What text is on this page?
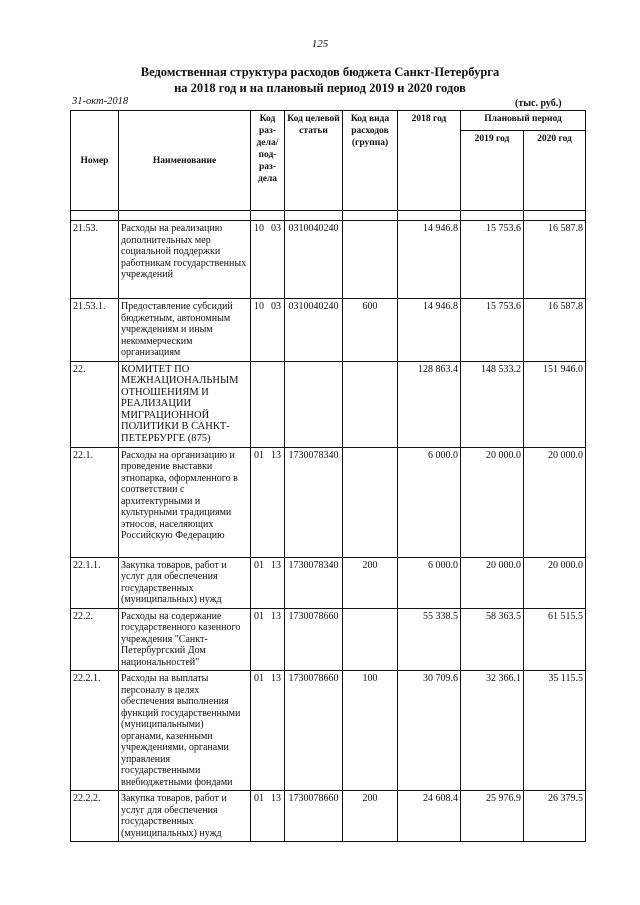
125
Ведомственная структура расходов бюджета Санкт-Петербурга
на 2018 год и на плановый период 2019 и 2020 годов
31-окт-2018	(тыс. руб.)
Номер	Наименование	Код раз- дела/ под- раз- дела	Код целевой статьи	Код вида расходов (группа)	2018 год	Плановый период	
						2019 год	2020 год

21.53.	Расходы на реализацию дополнительных мер социальной поддержки работникам государственных учреждений	10 03	0310040240		14 946.8	15 753.6	16 587.8
21.53.1.	Предоставление субсидий бюджетным, автономным учреждениям и иным некоммерческим организациям	10 03	0310040240	600	14 946.8	15 753.6	16 587.8
22.	КОМИТЕТ ПО МЕЖНАЦИОНАЛЬНЫМ ОТНОШЕНИЯМ И РЕАЛИЗАЦИИ МИГРАЦИОННОЙ ПОЛИТИКИ В САНКТ-ПЕТЕРБУРГЕ (875)				128 863.4	148 533.2	151 946.0
22.1.	Расходы на организацию и проведение выставки этнопарка, оформленного в соответствии с архитектурными и культурными традициями этносов, населяющих Российскую Федерацию	01 13	1730078340		6 000.0	20 000.0	20 000.0
22.1.1.	Закупка товаров, работ и услуг для обеспечения государственных (муниципальных) нужд	01 13	1730078340	200	6 000.0	20 000.0	20 000.0
22.2.	Расходы на содержание государственного казенного учреждения "Санкт-Петербургский Дом национальностей"	01 13	1730078660		55 338.5	58 363.5	61 515.5
22.2.1.	Расходы на выплаты персоналу в целях обеспечения выполнения функций государственными (муниципальными) органами, казенными учреждениями, органами управления государственными внебюджетными фондами	01 13	1730078660	100	30 709.6	32 366.1	35 115.5
22.2.2.	Закупка товаров, работ и услуг для обеспечения государственных (муниципальных) нужд	01 13	1730078660	200	24 608.4	25 976.9	26 379.5
